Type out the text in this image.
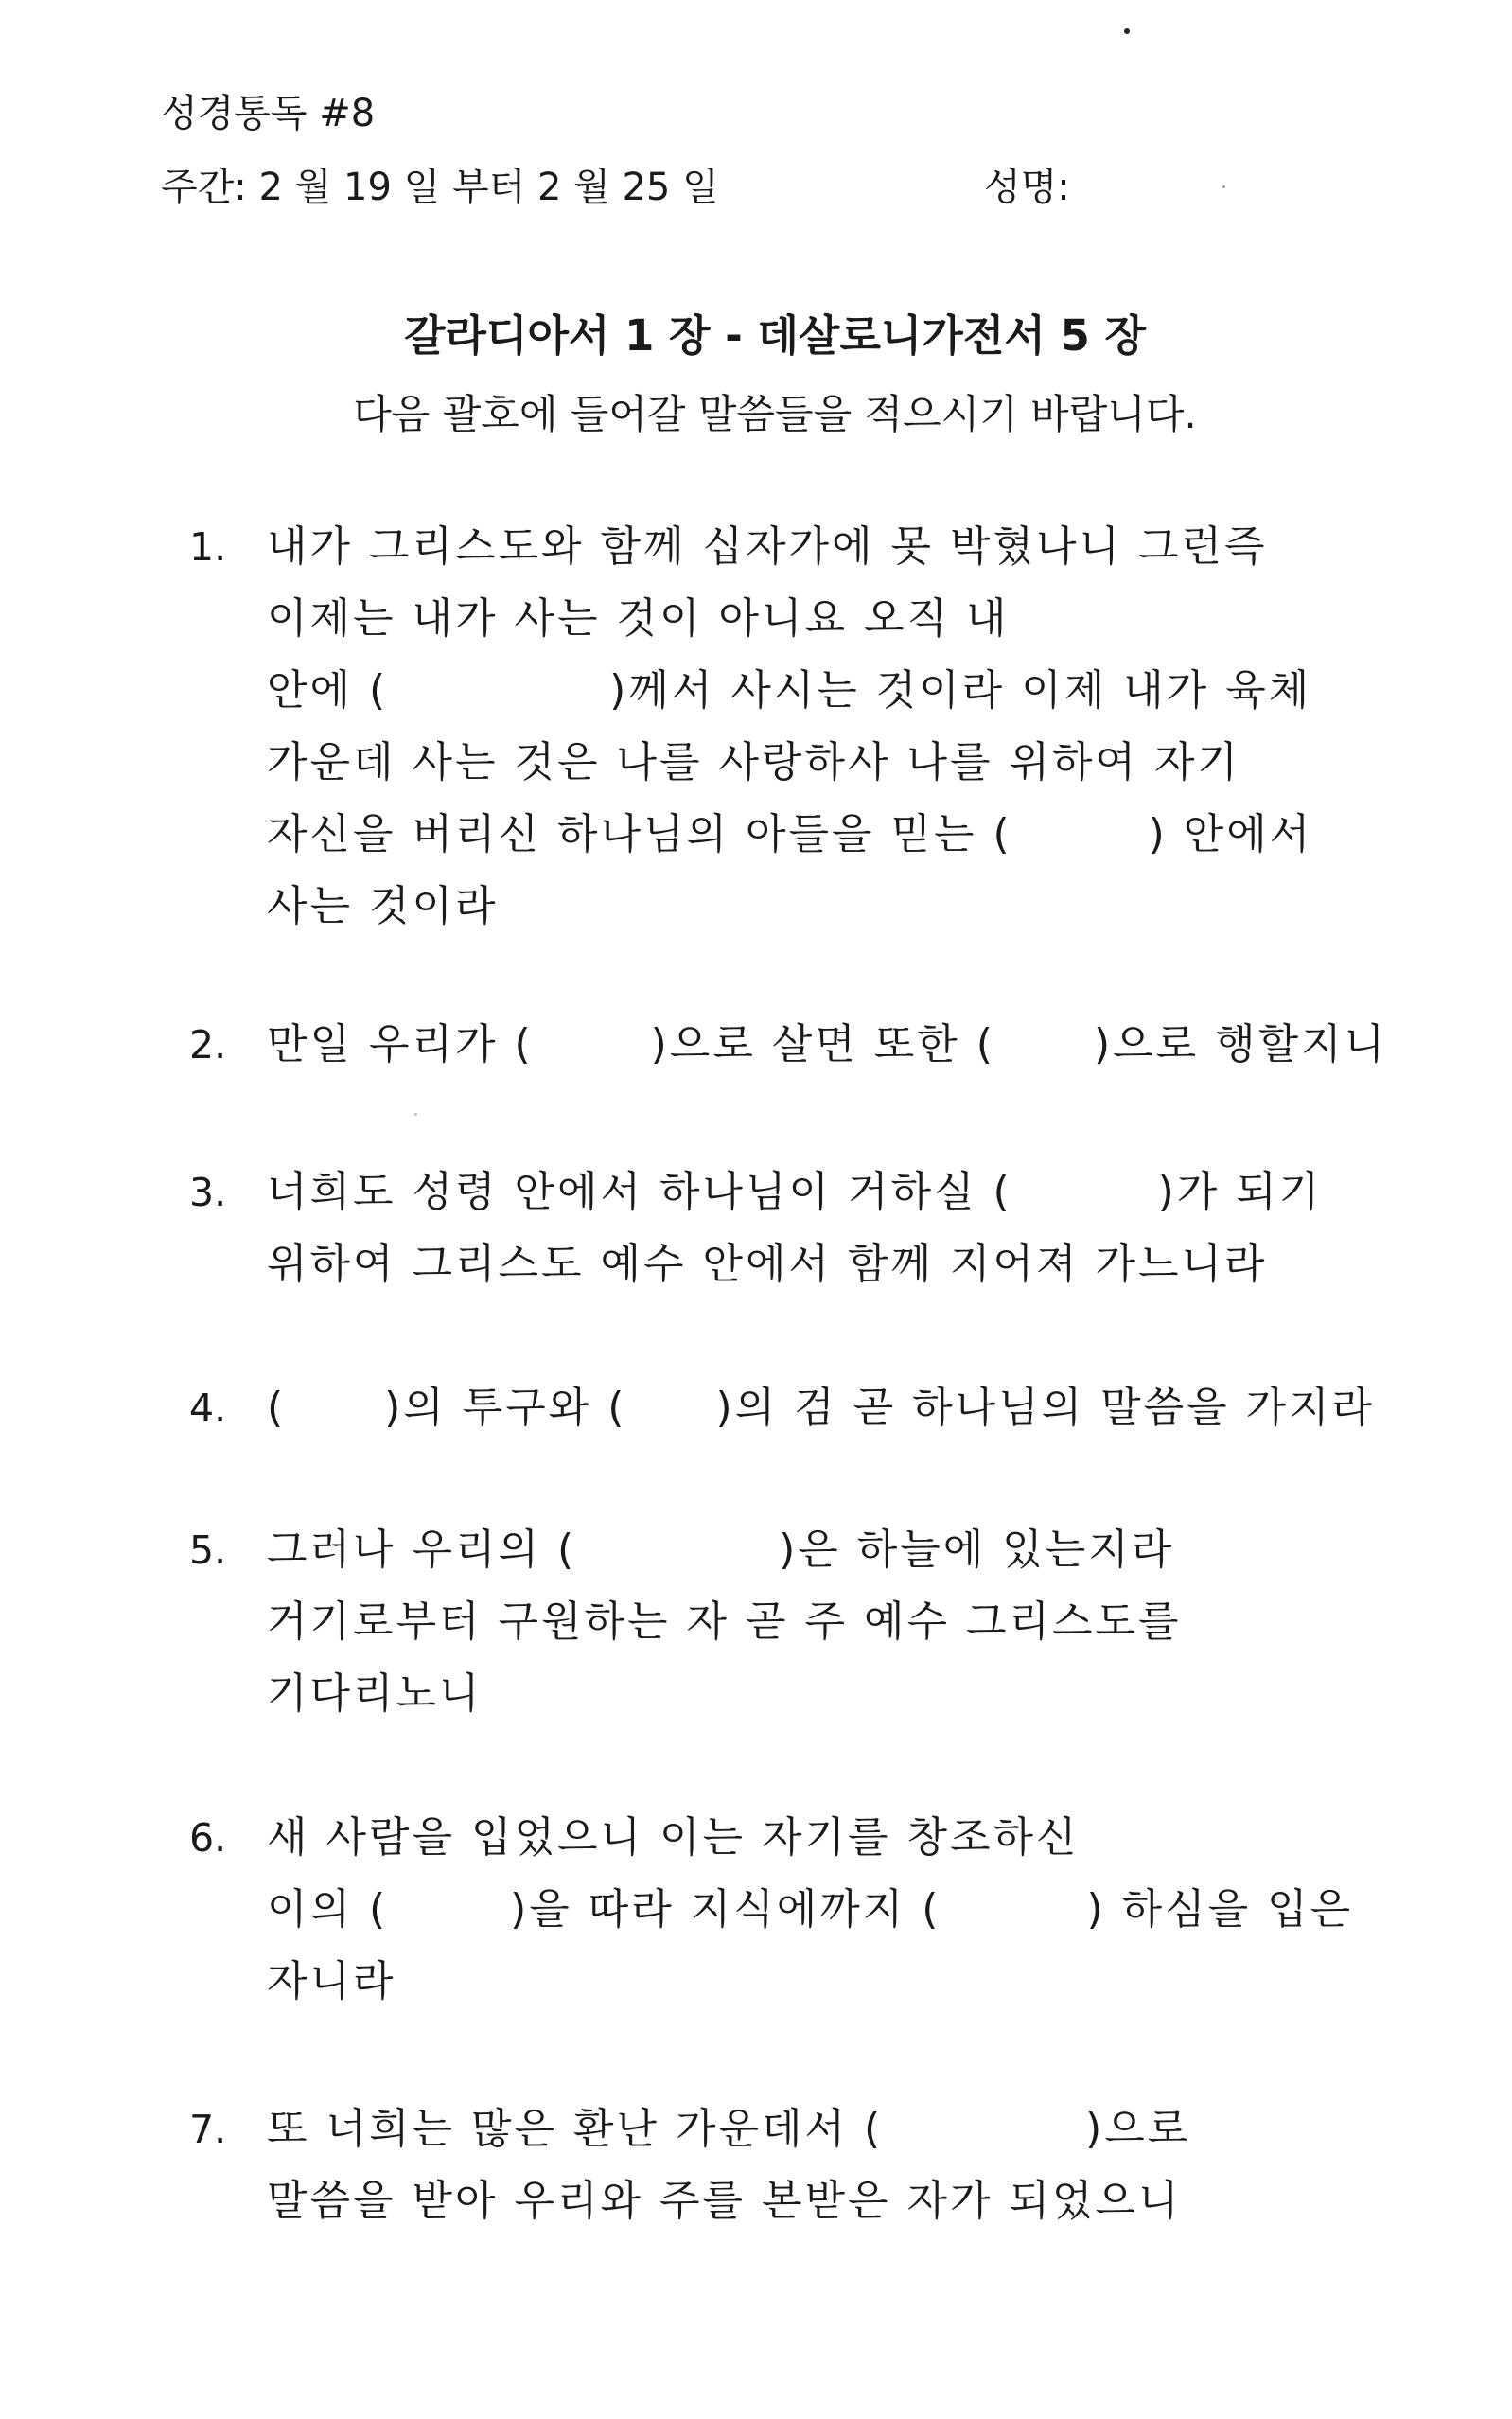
성경통독 #8
주간: 2 월 19 일 부터 2 월 25 일	성명:
갈라디아서 1 장 - 데살로니가전서 5 장
다음 괄호에 들어갈 말씀들을 적으시기 바랍니다.
1. 내가 그리스도와 함께 십자가에 못 박혔나니 그런즉
이제는 내가 사는 것이 아니요 오직 내
안에 (	)께서 사시는 것이라 이제 내가 육체
가운데 사는 것은 나를 사랑하사 나를 위하여 자기
자신을 버리신 하나님의 아들을 믿는 (	) 안에서
사는 것이라
2. 만일 우리가 (  )으로 살면 또한 (  )으로 행할지니
3. 너희도 성령 안에서 하나님이 거하실 (	)가 되기
위하여 그리스도 예수 안에서 함께 지어져 가느니라
4. (  )의 투구와 (  )의 검 곧 하나님의 말씀을 가지라
5. 그러나 우리의 (	)은 하늘에 있는지라
거기로부터 구원하는 자 곧 주 예수 그리스도를
기다리노니
6. 새 사람을 입었으니 이는 자기를 창조하신
이의 (  )을 따라 지식에까지 (	) 하심을 입은
자니라
7. 또 너희는 많은 환난 가운데서 (	)으로
말씀을 받아 우리와 주를 본받은 자가 되었으니
